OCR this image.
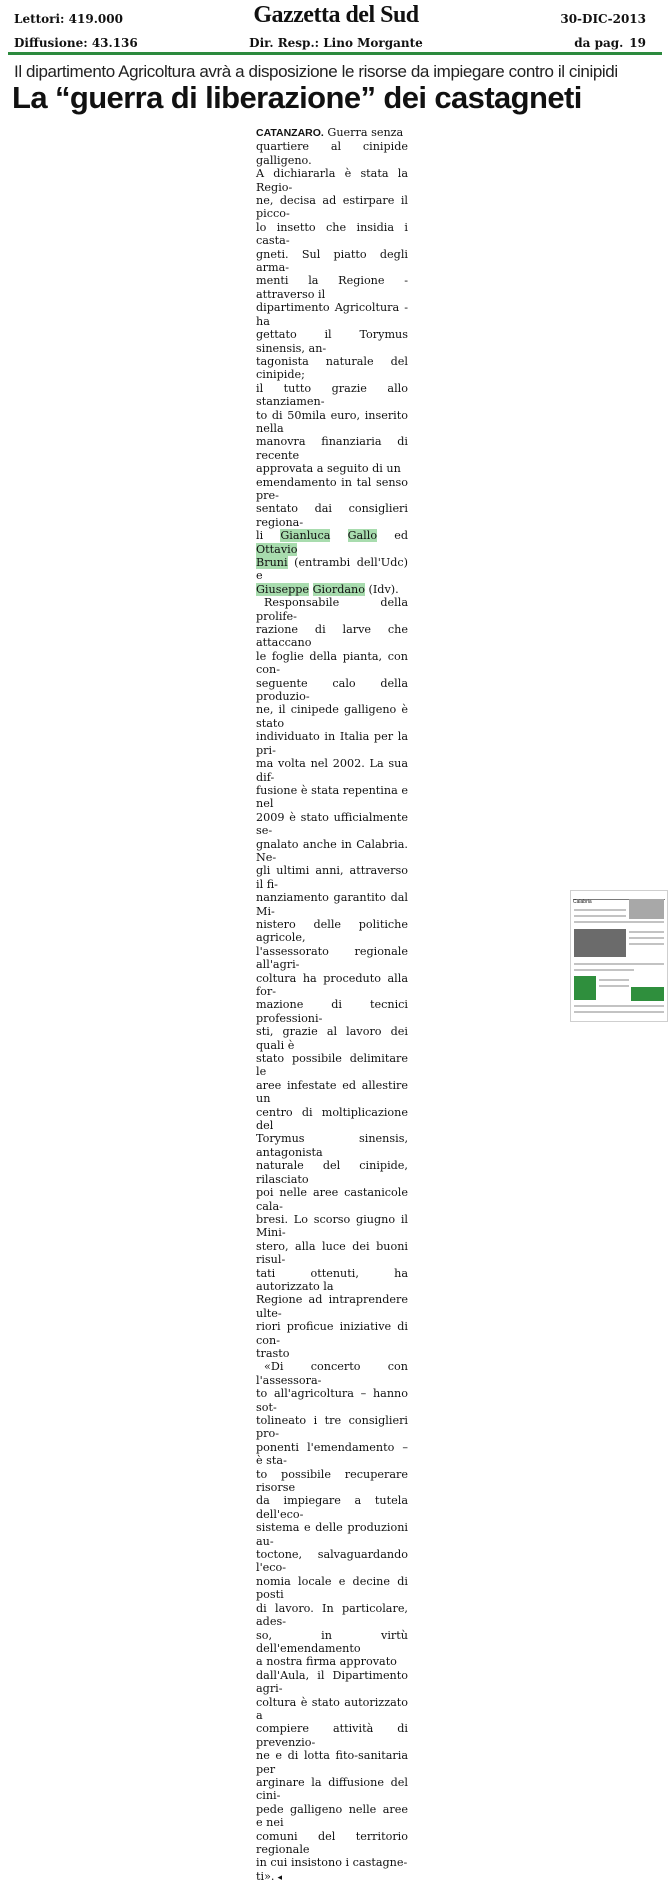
Lettori: 419.000
Diffusione: 43.136
Gazzetta del Sud
Dir. Resp.: Lino Morgante
30-DIC-2013
da pag. 19
Il dipartimento Agricoltura avrà a disposizione le risorse da impiegare contro il cinipidi
La “guerra di liberazione” dei castagneti

CATANZARO. Guerra senza
quartiere al cinipide galligeno.
A dichiararla è stata la Regio-
ne, decisa ad estirpare il picco-
lo insetto che insidia i casta-
gneti. Sul piatto degli arma-
menti la Regione - attraverso il
dipartimento Agricoltura - ha
gettato il Torymus sinensis, an-
tagonista naturale del cinipide;
il tutto grazie allo stanziamen-
to di 50mila euro, inserito nella
manovra finanziaria di recente
approvata a seguito di un
emendamento in tal senso pre-
sentato dai consiglieri regiona-
li Gianluca Gallo ed Ottavio
Bruni (entrambi dell'Udc) e
Giuseppe Giordano (Idv).

Responsabile della prolife-
razione di larve che attaccano
le foglie della pianta, con con-
seguente calo della produzio-
ne, il cinipede galligeno è stato
individuato in Italia per la pri-
ma volta nel 2002. La sua dif-
fusione è stata repentina e nel
2009 è stato ufficialmente se-
gnalato anche in Calabria. Ne-
gli ultimi anni, attraverso il fi-
nanziamento garantito dal Mi-
nistero delle politiche agricole,
l'assessorato regionale all'agri-
coltura ha proceduto alla for-
mazione di tecnici professioni-
sti, grazie al lavoro dei quali è
stato possibile delimitare le
aree infestate ed allestire un
centro di moltiplicazione del
Torymus sinensis, antagonista
naturale del cinipide, rilasciato
poi nelle aree castanicole cala-
bresi. Lo scorso giugno il Mini-
stero, alla luce dei buoni risul-
tati ottenuti, ha autorizzato la
Regione ad intraprendere ulte-
riori proficue iniziative di con-
trasto

«Di concerto con l'assessora-
to all'agricoltura – hanno sot-
tolineato i tre consiglieri pro-
ponenti l'emendamento – è sta-
to possibile recuperare risorse
da impiegare a tutela dell'eco-
sistema e delle produzioni au-
toctone, salvaguardando l'eco-
nomia locale e decine di posti
di lavoro. In particolare, ades-
so, in virtù dell'emendamento
a nostra firma approvato
dall'Aula, il Dipartimento agri-
coltura è stato autorizzato a
compiere attività di prevenzio-
ne e di lotta fito-sanitaria per
arginare la diffusione del cini-
pede galligeno nelle aree e nei
comuni del territorio regionale
in cui insistono i castagne-
ti». ◂

Calabria
